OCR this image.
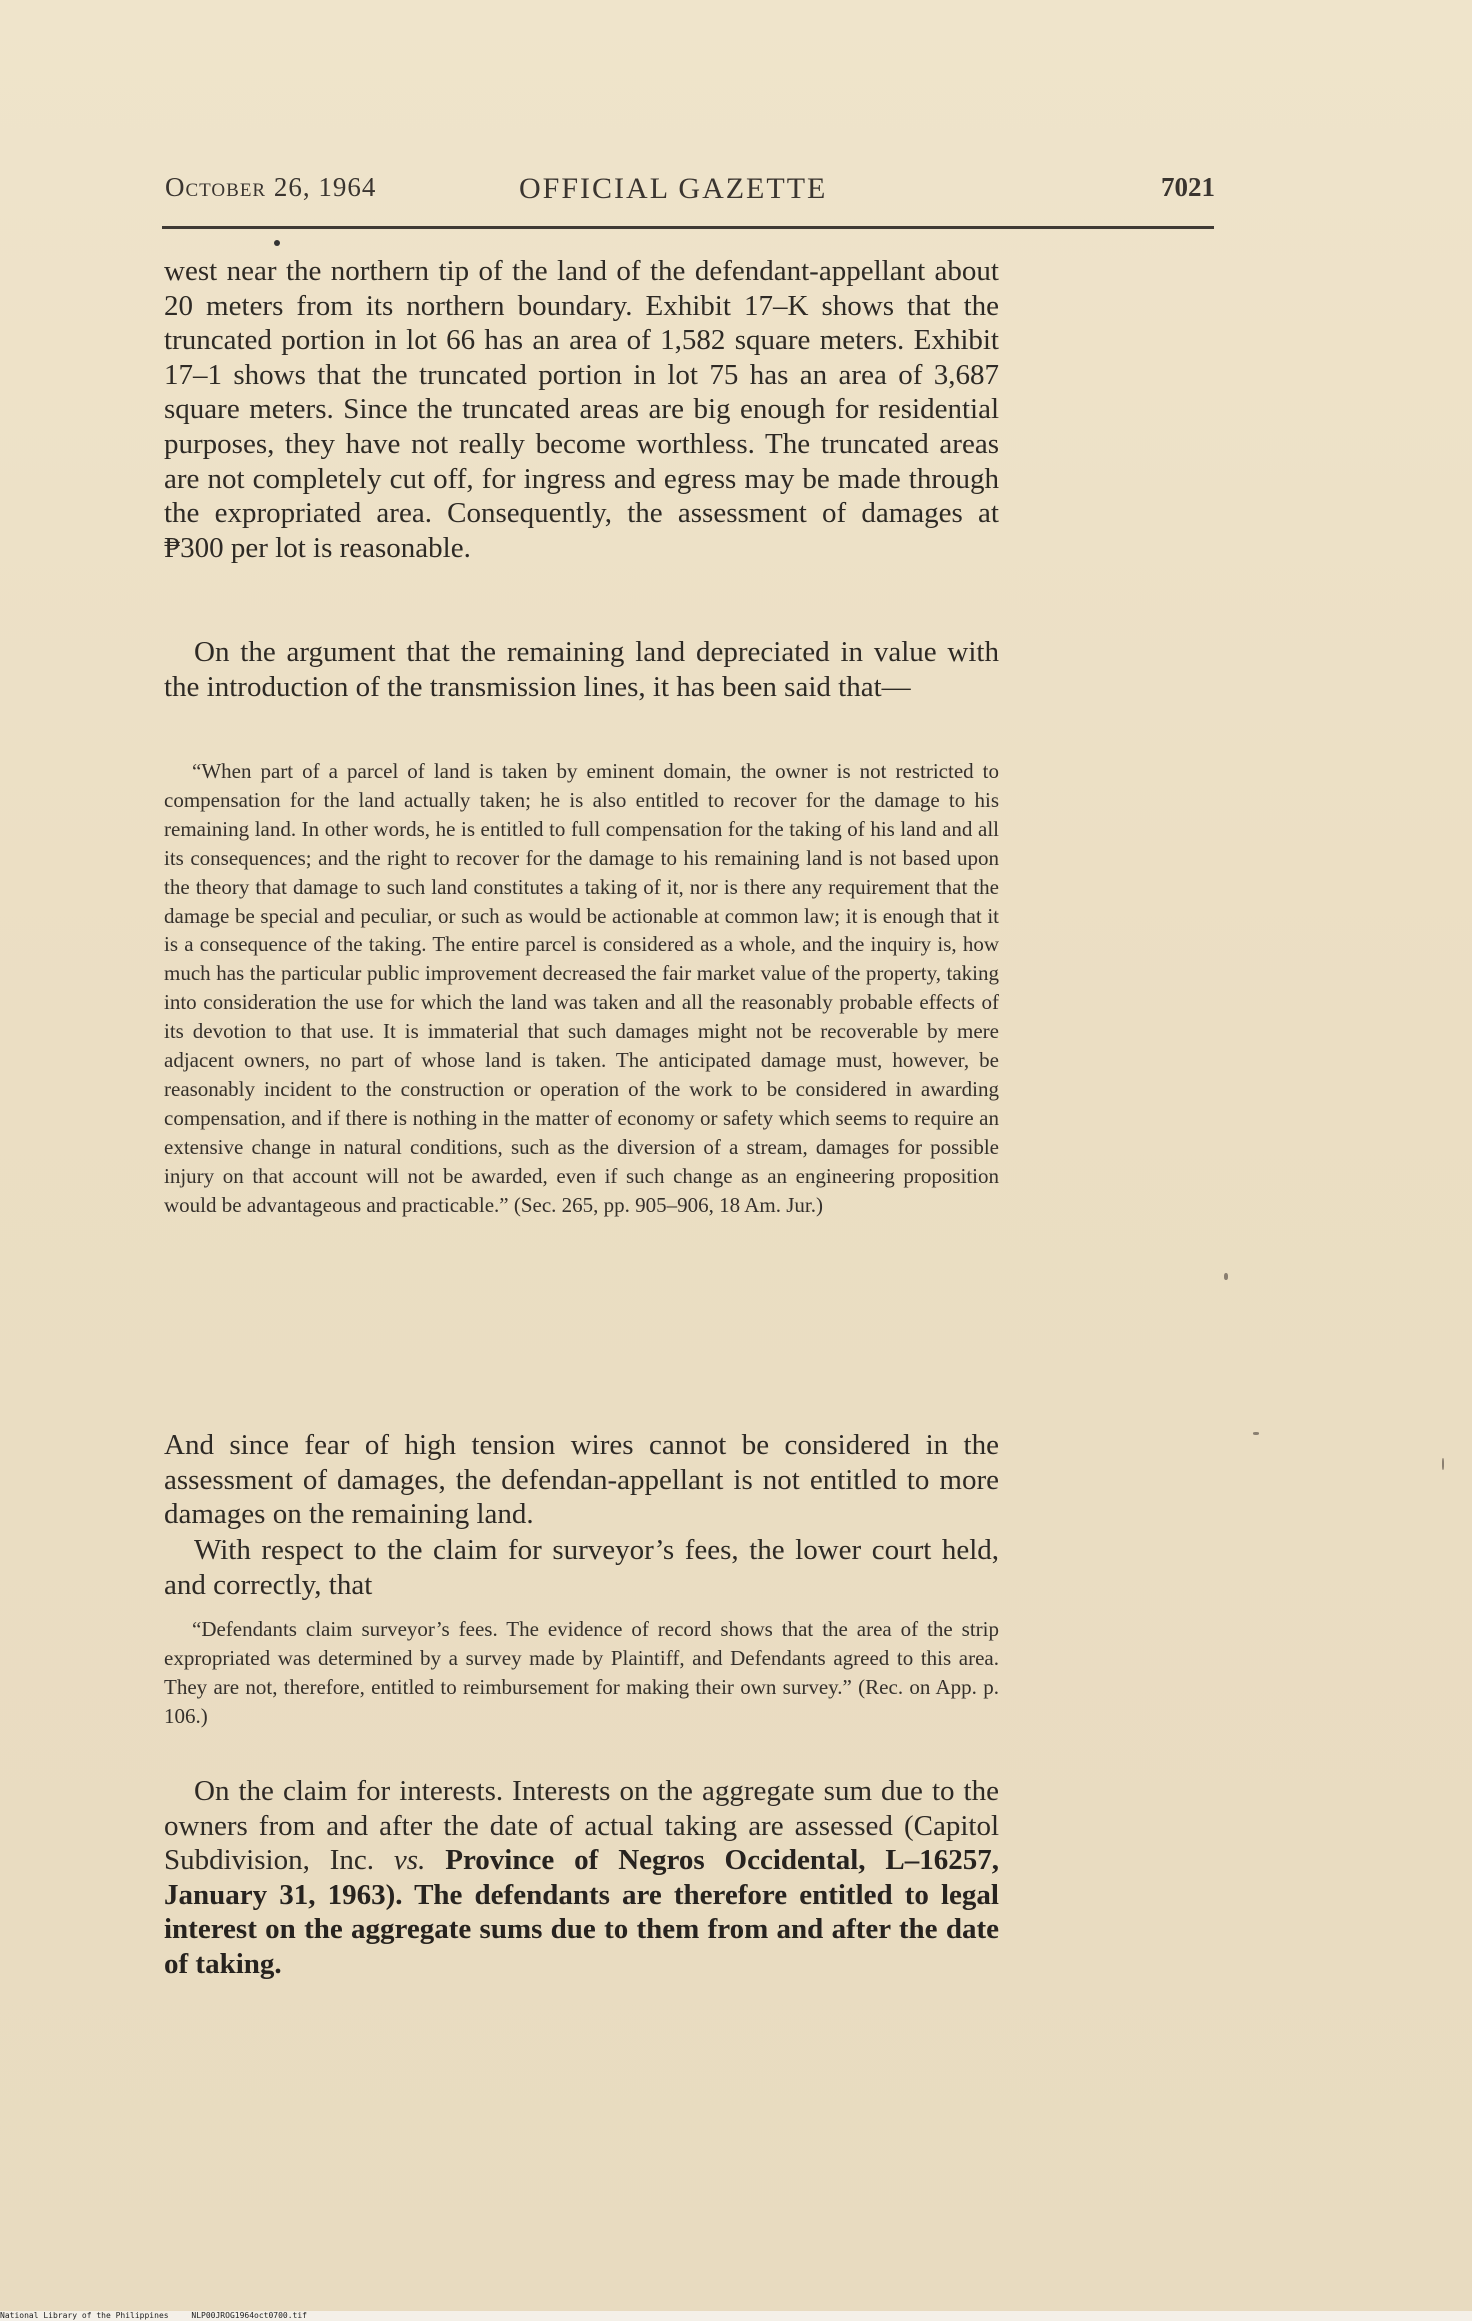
October 26, 1964	OFFICIAL GAZETTE	7021

west near the northern tip of the land of the defendant-appellant about 20 meters from its northern boundary. Exhibit 17–K shows that the truncated portion in lot 66 has an area of 1,582 square meters. Exhibit 17–1 shows that the truncated portion in lot 75 has an area of 3,687 square meters. Since the truncated areas are big enough for residential purposes, they have not really become worthless. The truncated areas are not completely cut off, for ingress and egress may be made through the expropriated area. Consequently, the assessment of damages at ₱300 per lot is reasonable.

On the argument that the remaining land depreciated in value with the introduction of the transmission lines, it has been said that—

“When part of a parcel of land is taken by eminent domain, the owner is not restricted to compensation for the land actually taken; he is also entitled to recover for the damage to his remaining land. In other words, he is entitled to full compensation for the taking of his land and all its consequences; and the right to recover for the damage to his remaining land is not based upon the theory that damage to such land constitutes a taking of it, nor is there any requirement that the damage be special and peculiar, or such as would be actionable at common law; it is enough that it is a consequence of the taking. The entire parcel is considered as a whole, and the inquiry is, how much has the particular public improvement decreased the fair market value of the property, taking into consideration the use for which the land was taken and all the reasonably probable effects of its devotion to that use. It is immaterial that such damages might not be recoverable by mere adjacent owners, no part of whose land is taken. The anticipated damage must, however, be reasonably incident to the construction or operation of the work to be considered in awarding compensation, and if there is nothing in the matter of economy or safety which seems to require an extensive change in natural conditions, such as the diversion of a stream, damages for possible injury on that account will not be awarded, even if such change as an engineering proposition would be advantageous and practicable.” (Sec. 265, pp. 905–906, 18 Am. Jur.)

And since fear of high tension wires cannot be considered in the assessment of damages, the defendan-appellant is not entitled to more damages on the remaining land.

With respect to the claim for surveyor’s fees, the lower court held, and correctly, that

“Defendants claim surveyor’s fees. The evidence of record shows that the area of the strip expropriated was determined by a survey made by Plaintiff, and Defendants agreed to this area. They are not, therefore, entitled to reimbursement for making their own survey.” (Rec. on App. p. 106.)

On the claim for interests. Interests on the aggregate sum due to the owners from and after the date of actual taking are assessed (Capitol Subdivision, Inc. vs. Province of Negros Occidental, L–16257, January 31, 1963). The defendants are therefore entitled to legal interest on the aggregate sums due to them from and after the date of taking.

National Library of the Philippines	NLP00JROG1964oct0700.tif
